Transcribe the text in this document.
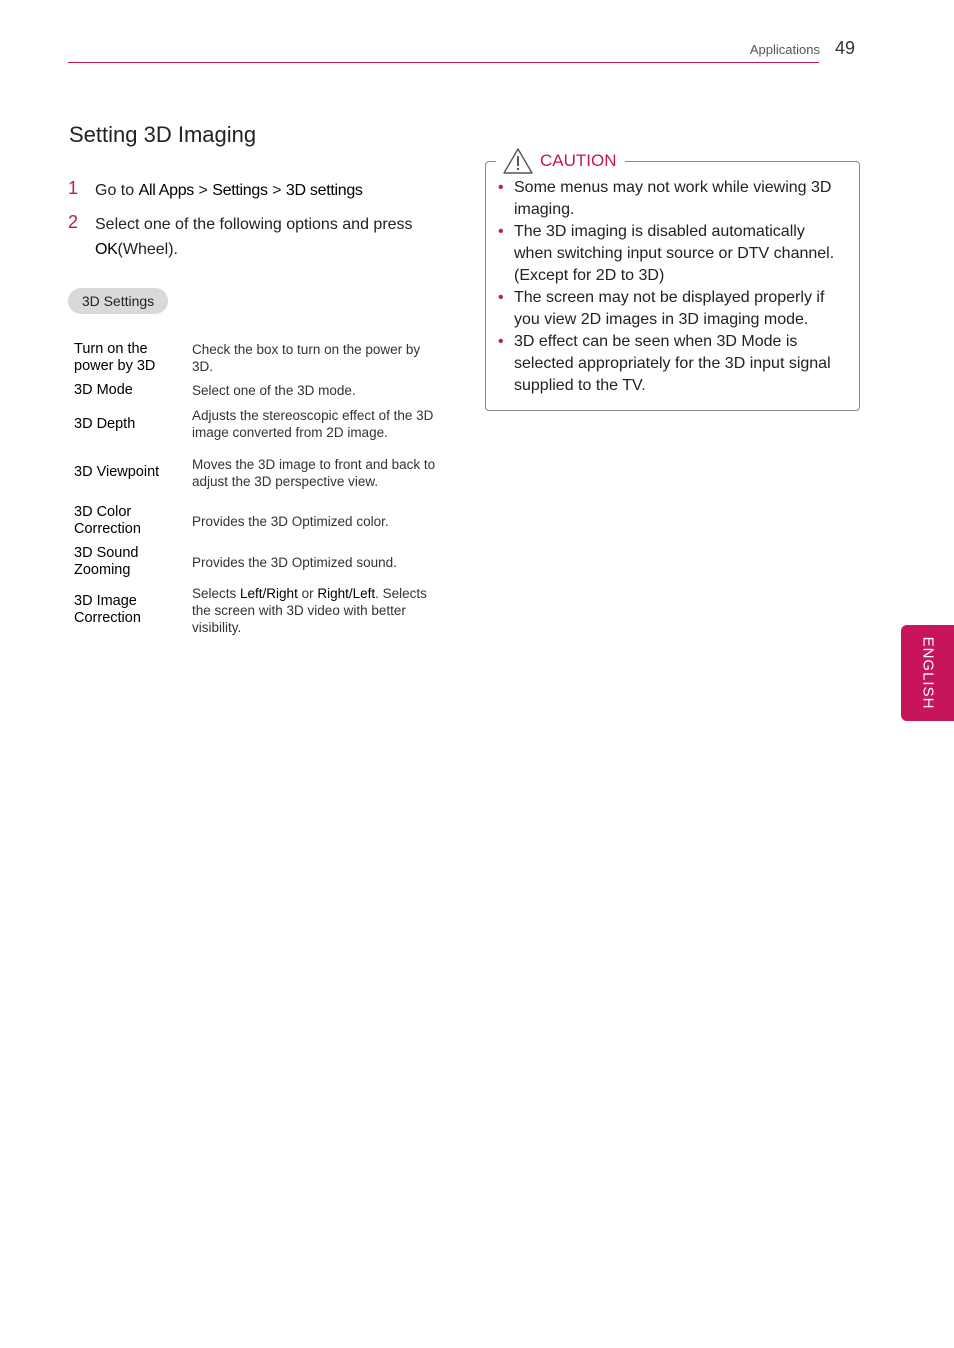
Applications 49
Setting 3D Imaging
1 Go to All Apps > Settings > 3D settings
2 Select one of the following options and press OK(Wheel).
3D Settings
Turn on the power by 3D	Check the box to turn on the power by 3D.
3D Mode	Select one of the 3D mode.
3D Depth	Adjusts the stereoscopic effect of the 3D image converted from 2D image.
3D Viewpoint	Moves the 3D image to front and back to adjust the 3D perspective view.
3D Color Correction	Provides the 3D Optimized color.
3D Sound Zooming	Provides the 3D Optimized sound.
3D Image Correction	Selects Left/Right or Right/Left. Selects the screen with 3D video with better visibility.
• Some menus may not work while viewing 3D imaging.
• The 3D imaging is disabled automatically when switching input source or DTV channel. (Except for 2D to 3D)
• The screen may not be displayed properly if you view 2D images in 3D imaging mode.
• 3D effect can be seen when 3D Mode is selected appropriately for the 3D input signal supplied to the TV.
CAUTION
ENGLISH
